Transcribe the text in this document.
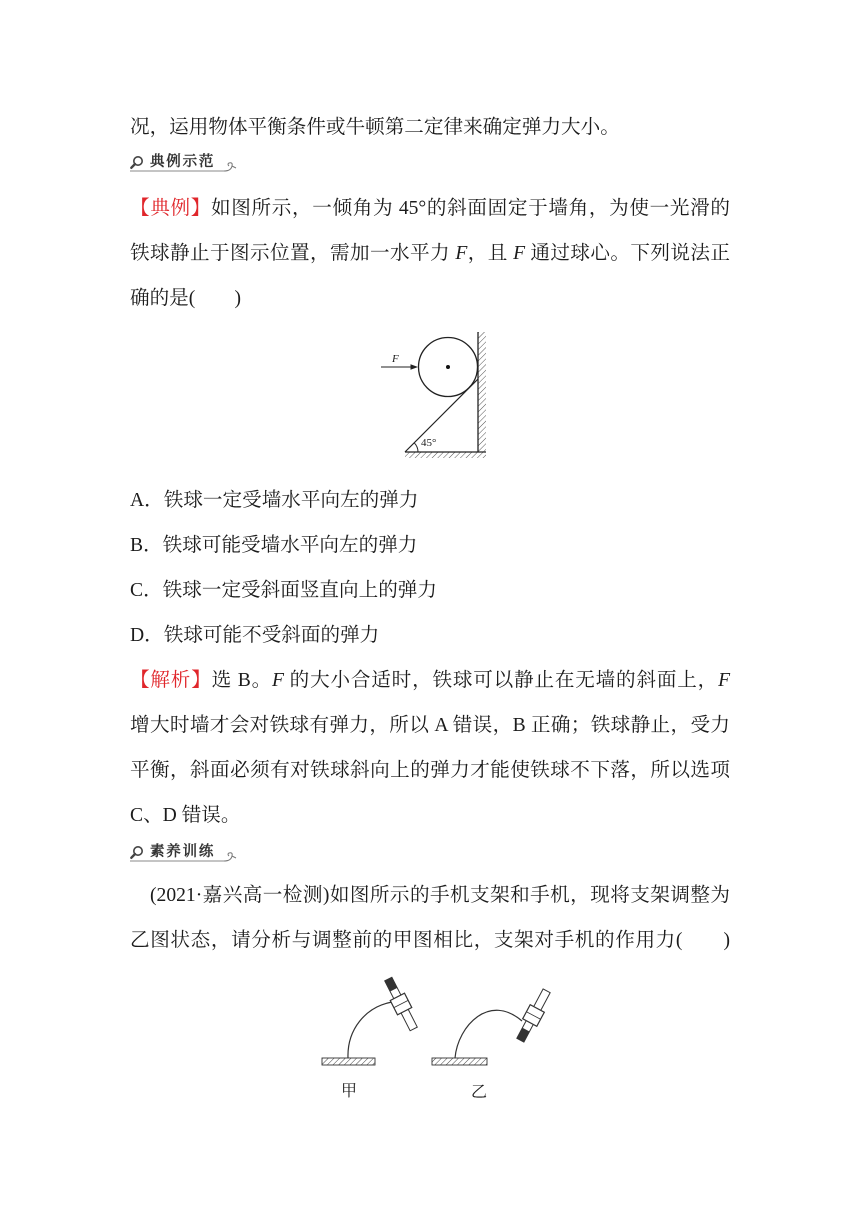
况，运用物体平衡条件或牛顿第二定律来确定弹力大小。
典例示范
【典例】如图所示，一倾角为 45°的斜面固定于墙角，为使一光滑的
铁球静止于图示位置，需加一水平力 F，且 F 通过球心。下列说法正
确的是(　　)
F
45°
A．铁球一定受墙水平向左的弹力
B．铁球可能受墙水平向左的弹力
C．铁球一定受斜面竖直向上的弹力
D．铁球可能不受斜面的弹力
【解析】选 B。F 的大小合适时，铁球可以静止在无墙的斜面上，F
增大时墙才会对铁球有弹力，所以 A 错误，B 正确；铁球静止，受力
平衡，斜面必须有对铁球斜向上的弹力才能使铁球不下落，所以选项
C、D 错误。
素养训练
(2021·嘉兴高一检测)如图所示的手机支架和手机，现将支架调整为
乙图状态，请分析与调整前的甲图相比，支架对手机的作用力(　　)
甲	乙
